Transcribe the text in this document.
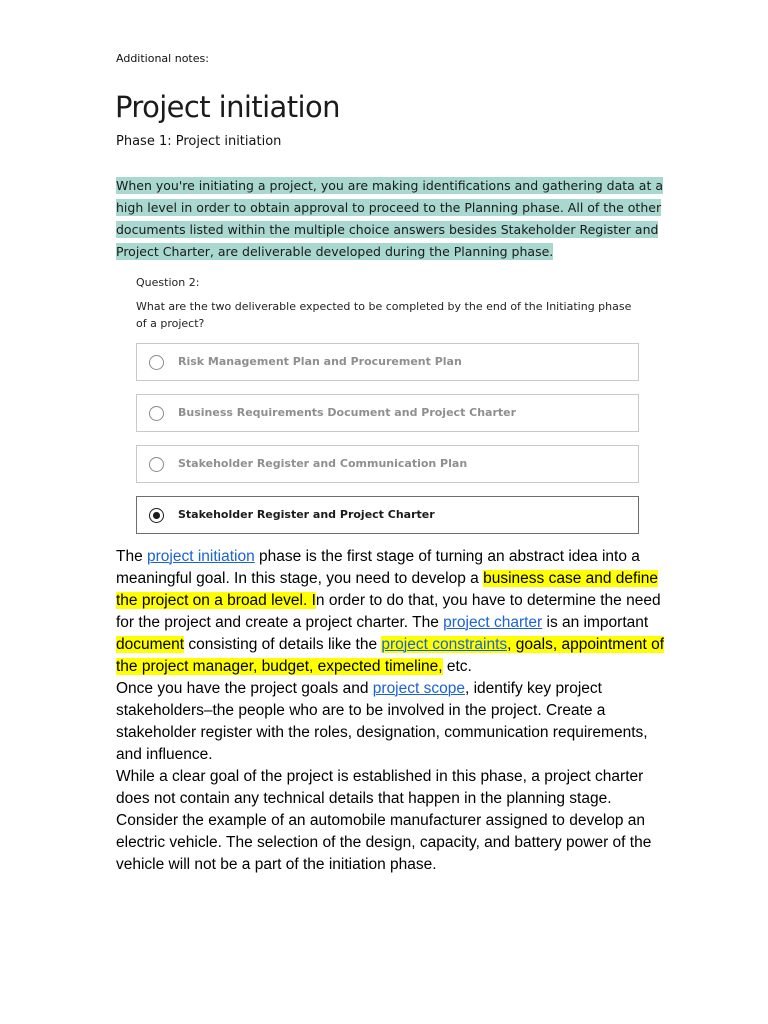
Additional notes:
Project initiation
Phase 1: Project initiation
When you're initiating a project, you are making identifications and gathering data at a
high level in order to obtain approval to proceed to the Planning phase. All of the other
documents listed within the multiple choice answers besides Stakeholder Register and
Project Charter, are deliverable developed during the Planning phase.
Question 2:
What are the two deliverable expected to be completed by the end of the Initiating phase of a project?
Risk Management Plan and Procurement Plan
Business Requirements Document and Project Charter
Stakeholder Register and Communication Plan
Stakeholder Register and Project Charter

The project initiation phase is the first stage of turning an abstract idea into a meaningful goal. In this stage, you need to develop a business case and define the project on a broad level. In order to do that, you have to determine the need for the project and create a project charter. The project charter is an important document consisting of details like the project constraints, goals, appointment of the project manager, budget, expected timeline, etc.

Once you have the project goals and project scope, identify key project stakeholders–the people who are to be involved in the project. Create a stakeholder register with the roles, designation, communication requirements, and influence.

While a clear goal of the project is established in this phase, a project charter does not contain any technical details that happen in the planning stage.

Consider the example of an automobile manufacturer assigned to develop an electric vehicle. The selection of the design, capacity, and battery power of the vehicle will not be a part of the initiation phase.
